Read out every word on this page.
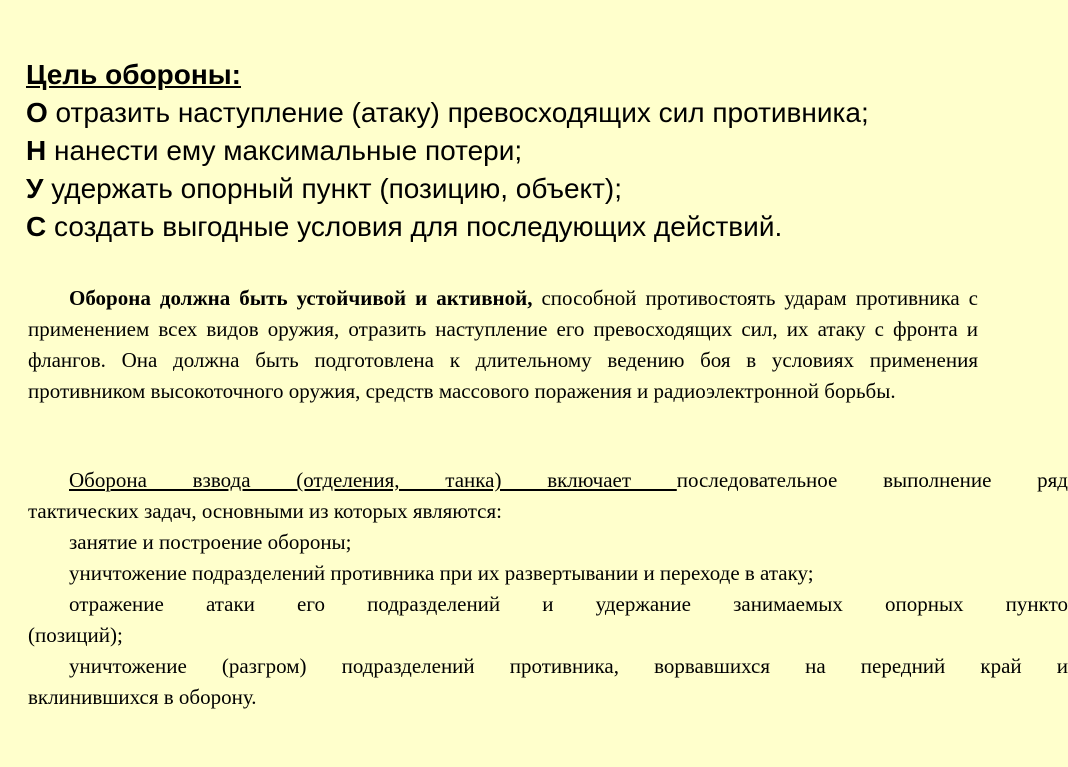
Цель обороны:
О отразить наступление (атаку) превосходящих сил противника;
Н нанести ему максимальные потери;
У удержать опорный пункт (позицию, объект);
С создать выгодные условия для последующих действий.
Оборона должна быть устойчивой и активной, способной противостоять ударам противника с применением всех видов оружия, отразить наступление его превосходящих сил, их атаку с фронта и флангов. Она должна быть подготовлена к длительному ведению боя в условиях применения противником высокоточного оружия, средств массового поражения и радиоэлектронной борьбы.
Оборона взвода (отделения, танка) включает последовательное выполнение ряд
тактических задач, основными из которых являются:
занятие и построение обороны;
уничтожение подразделений противника при их развертывании и переходе в атаку;
отражение атаки его подразделений и удержание занимаемых опорных пункто
(позиций);
уничтожение (разгром) подразделений противника, ворвавшихся на передний край и
вклинившихся в оборону.
